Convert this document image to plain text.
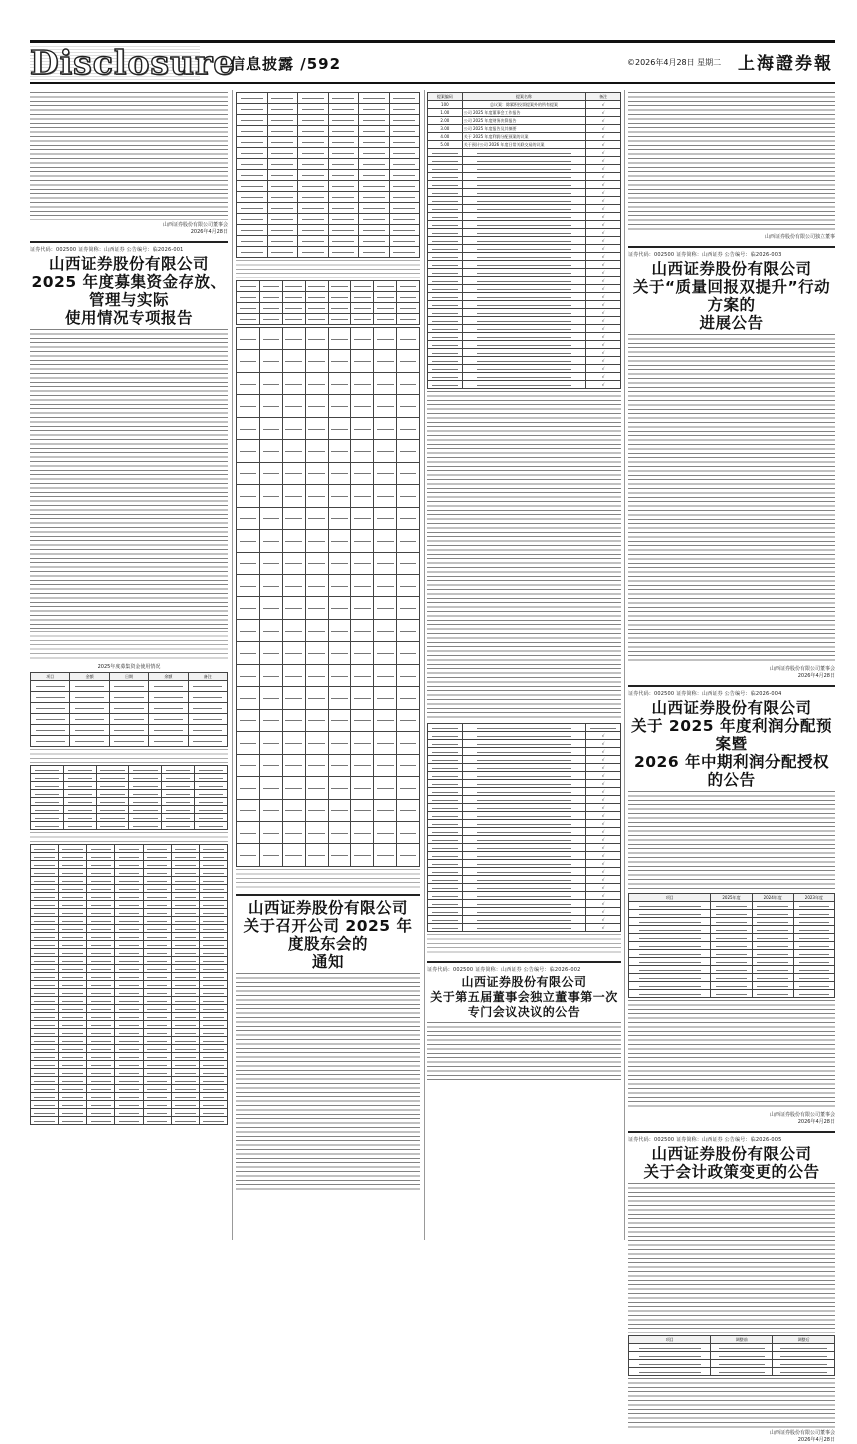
Disclosure
信息披露 /592	©2026年4月28日 星期二 上海證券報
山西证券股份有限公司董事会
2026年4月28日
证券代码：002500 证券简称：山西证券 公告编号：临2026-001
山西证券股份有限公司
2025 年度募集资金存放、管理与实际
使用情况专项报告
2025年度募集资金使用情况
项目	金额	日期	余额	备注

山西证券股份有限公司
关于召开公司 2025 年度股东会的
通知
提案编码	提案名称	备注
100	总议案：除累积投票提案外的所有提案	√
1.00	公司 2025 年度董事会工作报告	√
2.00	公司 2025 年度财务决算报告	√
3.00	公司 2025 年度报告及其摘要	√
4.00	关于 2025 年度利润分配预案的议案	√
5.00	关于预计公司 2026 年度日常关联交易的议案	√
		√
		√
		√
		√
		√
		√
		√
		√
		√
		√
		√
		√
		√
		√
		√
		√
		√
		√
		√
		√
		√
		√
		√
		√
		√
		√
		√
		√
		√
		√

		√
		√
		√
		√
		√
		√
		√
		√
		√
		√
		√
		√
		√
		√
		√
		√
		√
		√
		√
		√
		√
		√
		√
		√
		√
证券代码：002500 证券简称：山西证券 公告编号：临2026-002
山西证券股份有限公司
关于第五届董事会独立董事第一次
专门会议决议的公告
山西证券股份有限公司独立董事
证券代码：002500 证券简称：山西证券 公告编号：临2026-003
山西证券股份有限公司
关于“质量回报双提升”行动方案的
进展公告
山西证券股份有限公司董事会
2026年4月28日
证券代码：002500 证券简称：山西证券 公告编号：临2026-004
山西证券股份有限公司
关于 2025 年度利润分配预案暨
2026 年中期利润分配授权的公告
项目	2025年度	2024年度	2023年度

山西证券股份有限公司董事会
2026年4月28日
证券代码：002500 证券简称：山西证券 公告编号：临2026-005
山西证券股份有限公司
关于会计政策变更的公告
项目	调整前	调整后

山西证券股份有限公司董事会
2026年4月28日
